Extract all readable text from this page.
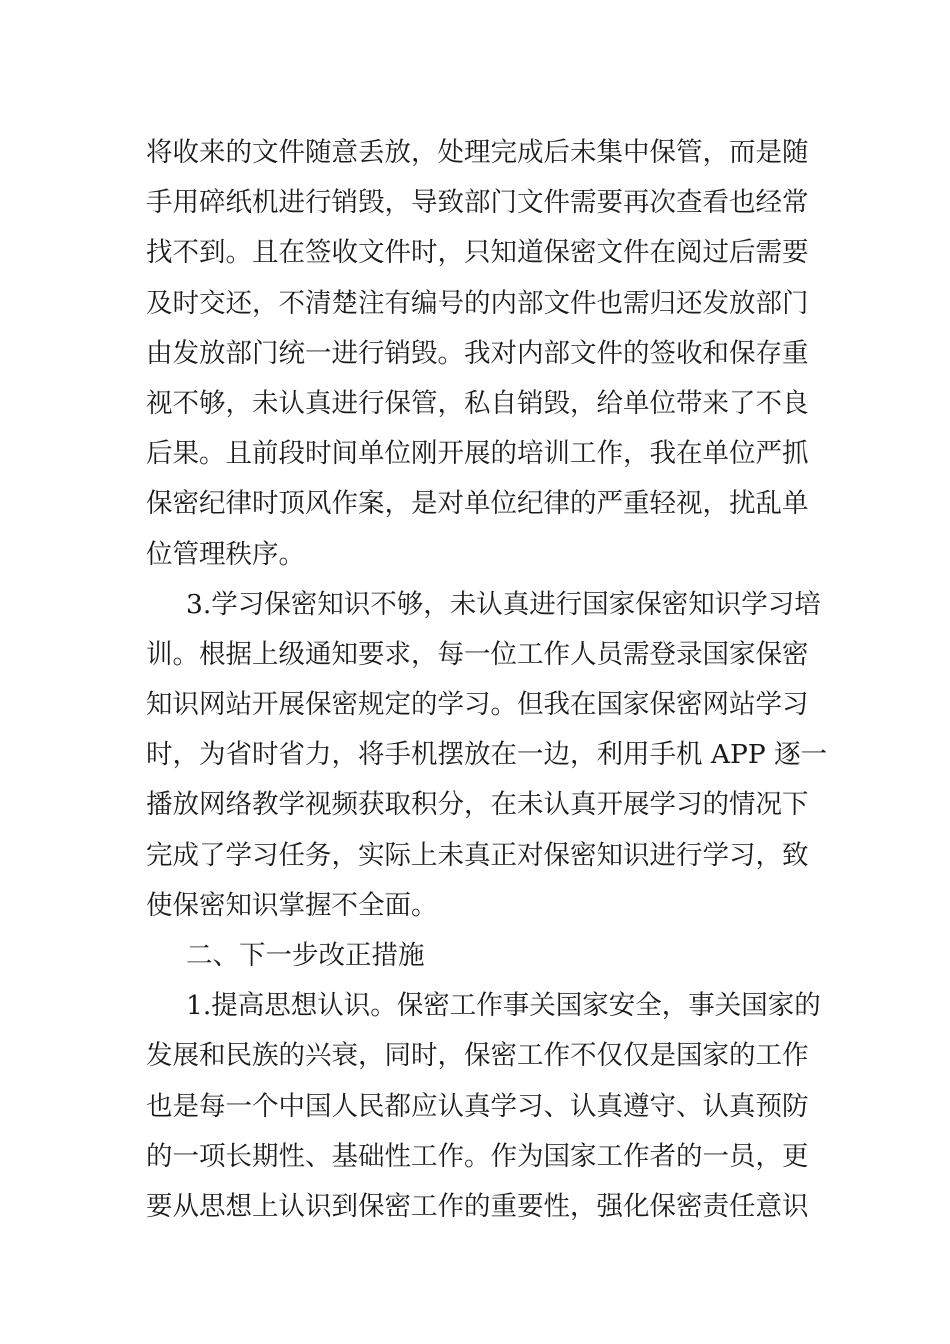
将收来的文件随意丢放，处理完成后未集中保管，而是随
手用碎纸机进行销毁，导致部门文件需要再次查看也经常
找不到。且在签收文件时，只知道保密文件在阅过后需要
及时交还，不清楚注有编号的内部文件也需归还发放部门
由发放部门统一进行销毁。我对内部文件的签收和保存重
视不够，未认真进行保管，私自销毁，给单位带来了不良
后果。且前段时间单位刚开展的培训工作，我在单位严抓
保密纪律时顶风作案，是对单位纪律的严重轻视，扰乱单
位管理秩序。
3.学习保密知识不够，未认真进行国家保密知识学习培
训。根据上级通知要求，每一位工作人员需登录国家保密
知识网站开展保密规定的学习。但我在国家保密网站学习
时，为省时省力，将手机摆放在一边，利用手机 APP 逐一
播放网络教学视频获取积分，在未认真开展学习的情况下
完成了学习任务，实际上未真正对保密知识进行学习，致
使保密知识掌握不全面。
二、下一步改正措施
1.提高思想认识。保密工作事关国家安全，事关国家的
发展和民族的兴衰，同时，保密工作不仅仅是国家的工作
也是每一个中国人民都应认真学习、认真遵守、认真预防
的一项长期性、基础性工作。作为国家工作者的一员，更
要从思想上认识到保密工作的重要性，强化保密责任意识
